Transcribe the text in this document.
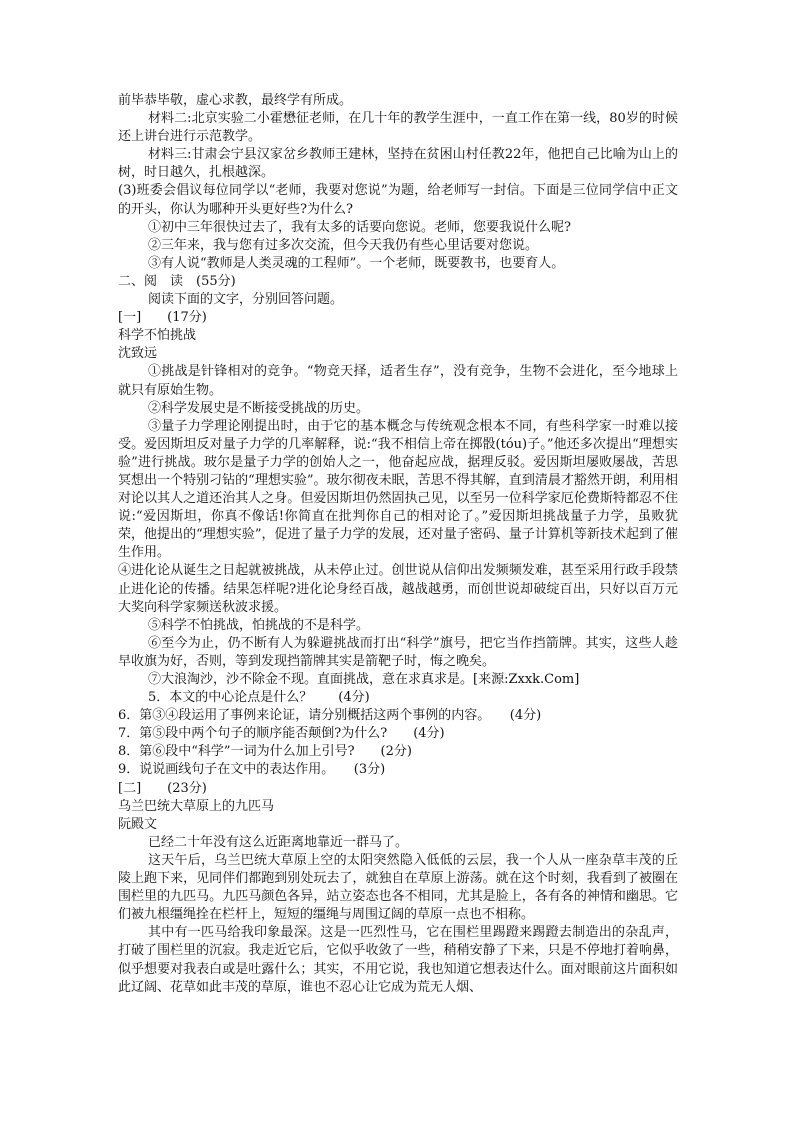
前毕恭毕敬，虚心求教，最终学有所成。

材料二:北京实验二小霍懋征老师，在几十年的教学生涯中，一直工作在第一线，80岁的时候还上讲台进行示范教学。

材料三:甘肃会宁县汉家岔乡教师王建林，坚持在贫困山村任教22年，他把自己比喻为山上的树，时日越久，扎根越深。

(3)班委会倡议每位同学以“老师，我要对您说”为题，给老师写一封信。下面是三位同学信中正文的开头，你认为哪种开头更好些?为什么?

①初中三年很快过去了，我有太多的话要向您说。老师，您要我说什么呢?

②三年来，我与您有过多次交流，但今天我仍有些心里话要对您说。

③有人说“教师是人类灵魂的工程师”。一个老师，既要教书，也要育人。

二、阅　读　(55分)

阅读下面的文字，分别回答问题。

[一]　　(17分)

科学不怕挑战

沈致远

①挑战是针锋相对的竞争。“物竞天择，适者生存”，没有竞争，生物不会进化，至今地球上就只有原始生物。

②科学发展史是不断接受挑战的历史。

③量子力学理论刚提出时，由于它的基本概念与传统观念根本不同，有些科学家一时难以接受。爱因斯坦反对量子力学的几率解释，说:“我不相信上帝在掷骰(tóu)子。”他还多次提出“理想实验”进行挑战。玻尔是量子力学的创始人之一，他奋起应战，据理反驳。爱因斯坦屡败屡战，苦思冥想出一个特别刁钻的“理想实验”。玻尔彻夜未眠，苦思不得其解，直到清晨才豁然开朗，利用相对论以其人之道还治其人之身。但爱因斯坦仍然固执己见，以至另一位科学家厄伦费斯特都忍不住说:“爱因斯坦，你真不像话!你简直在批判你自己的相对论了。”爱因斯坦挑战量子力学，虽败犹荣，他提出的“理想实验”，促进了量子力学的发展，还对量子密码、量子计算机等新技术起到了催生作用。

④进化论从诞生之日起就被挑战，从未停止过。创世说从信仰出发频频发难，甚至采用行政手段禁止进化论的传播。结果怎样呢?进化论身经百战，越战越勇，而创世说却破绽百出，只好以百万元大奖向科学家频送秋波求援。

⑤科学不怕挑战，怕挑战的不是科学。

⑥至今为止，仍不断有人为躲避挑战而打出“科学”旗号，把它当作挡箭牌。其实，这些人趁早收旗为好，否则，等到发现挡箭牌其实是箭靶子时，悔之晚矣。

⑦大浪淘沙，沙不除金不现。直面挑战，意在求真求是。[来源:Zxxk.Com]

5．本文的中心论点是什么？　　(4分)

6．第③④段运用了事例来论证，请分别概括这两个事例的内容。　　(4分)

7．第⑤段中两个句子的顺序能否颠倒?为什么?　　(4分)

8．第⑥段中“科学”一词为什么加上引号?　　(2分)

9．说说画线句子在文中的表达作用。　　(3分)

[二]　　(23分)

乌兰巴统大草原上的九匹马

阮殿文

已经二十年没有这么近距离地靠近一群马了。

这天午后，乌兰巴统大草原上空的太阳突然隐入低低的云层，我一个人从一座杂草丰茂的丘陵上跑下来，见同伴们都跑到别处玩去了，就独自在草原上游荡。就在这个时刻，我看到了被圈在围栏里的九匹马。九匹马颜色各异，站立姿态也各不相同，尤其是脸上，各有各的神情和幽思。它们被九根缰绳拴在栏杆上，短短的缰绳与周围辽阔的草原一点也不相称。

其中有一匹马给我印象最深。这是一匹烈性马，它在围栏里踢蹬来踢蹬去制造出的杂乱声，打破了围栏里的沉寂。我走近它后，它似乎收敛了一些，稍稍安静了下来，只是不停地打着响鼻，似乎想要对我表白或是吐露什么；其实，不用它说，我也知道它想表达什么。面对眼前这片面积如此辽阔、花草如此丰茂的草原，谁也不忍心让它成为荒无人烟、
